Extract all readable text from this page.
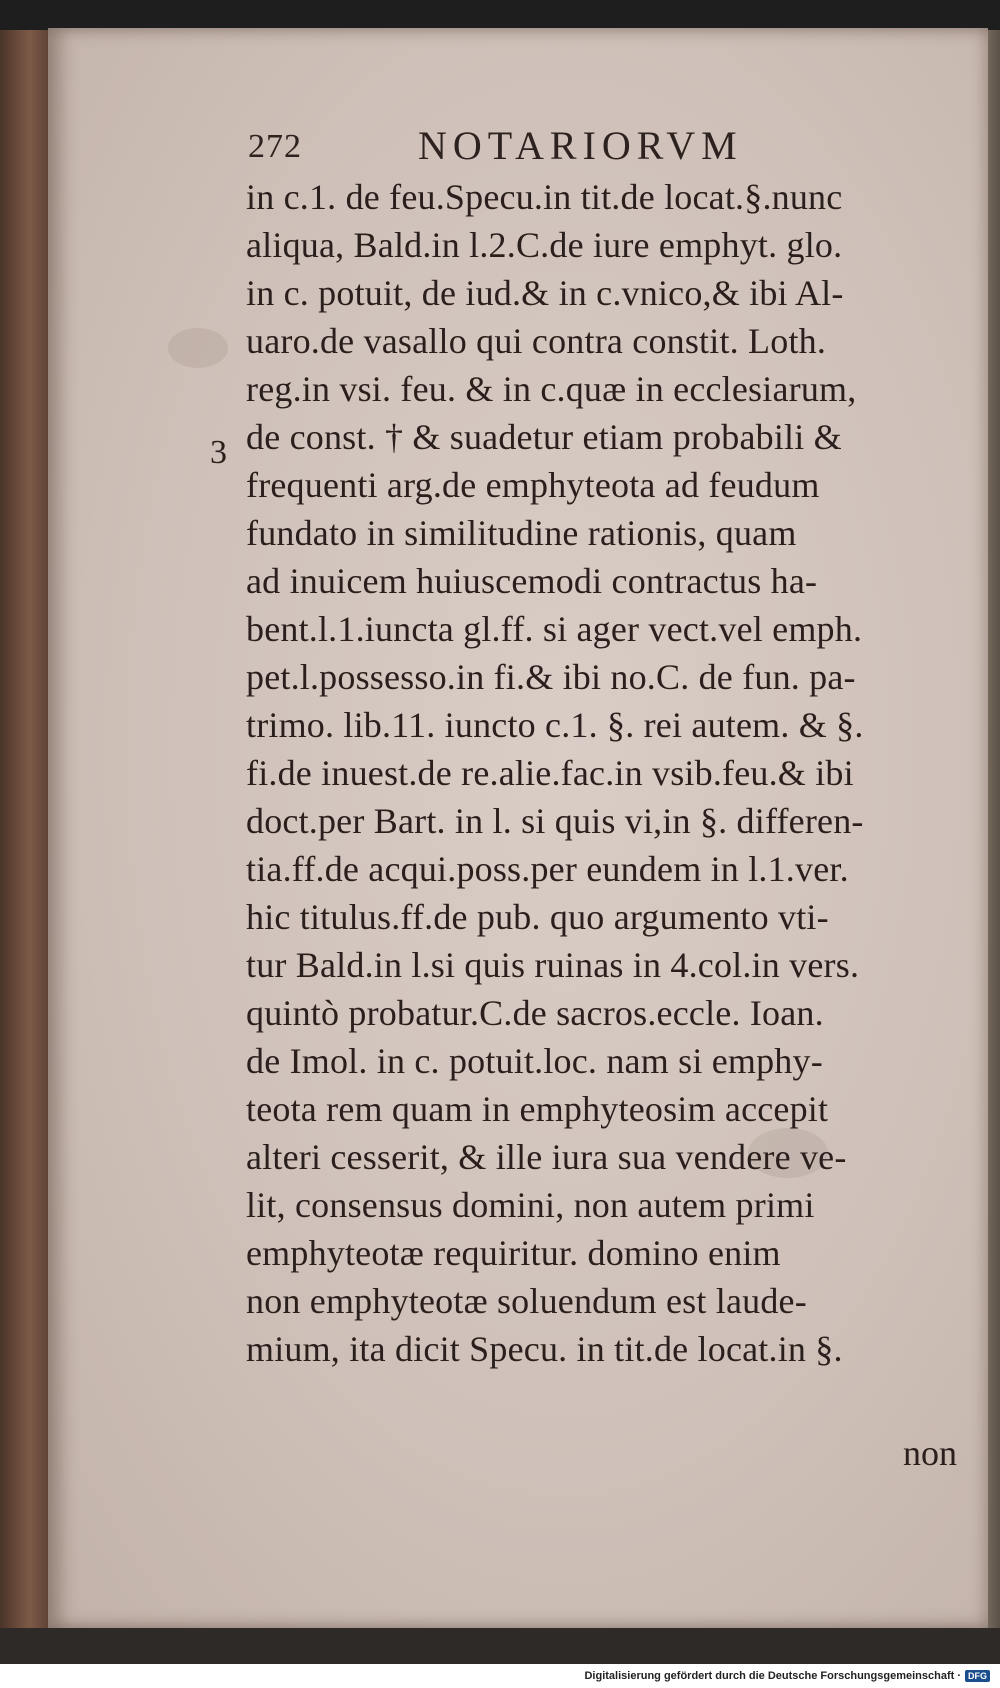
272	NOTARIORVM
3
in c.1. de feu.Specu.in tit.de locat.§.nunc
aliqua, Bald.in l.2.C.de iure emphyt. glo.
in c. potuit, de iud.& in c.vnico,& ibi Al-
uaro.de vasallo qui contra constit. Loth.
reg.in vsi. feu. & in c.quæ in ecclesiarum,
de const. † & suadetur etiam probabili &
frequenti arg.de emphyteota ad feudum
fundato in similitudine rationis, quam
ad inuicem huiuscemodi contractus ha-
bent.l.1.iuncta gl.ff. si ager vect.vel emph.
pet.l.possesso.in fi.& ibi no.C. de fun. pa-
trimo. lib.11. iuncto c.1. §. rei autem. & §.
fi.de inuest.de re.alie.fac.in vsib.feu.& ibi
doct.per Bart. in l. si quis vi,in §. differen-
tia.ff.de acqui.poss.per eundem in l.1.ver.
hic titulus.ff.de pub. quo argumento vti-
tur Bald.in l.si quis ruinas in 4.col.in vers.
quintò probatur.C.de sacros.eccle. Ioan.
de Imol. in c. potuit.loc. nam si emphy-
teota rem quam in emphyteosim accepit
alteri cesserit, & ille iura sua vendere ve-
lit, consensus domini, non autem primi
emphyteotæ requiritur. domino enim
non emphyteotæ soluendum est laude-
mium, ita dicit Specu. in tit.de locat.in §.
non
Digitalisierung gefördert durch die Deutsche Forschungsgemeinschaft · DFG
